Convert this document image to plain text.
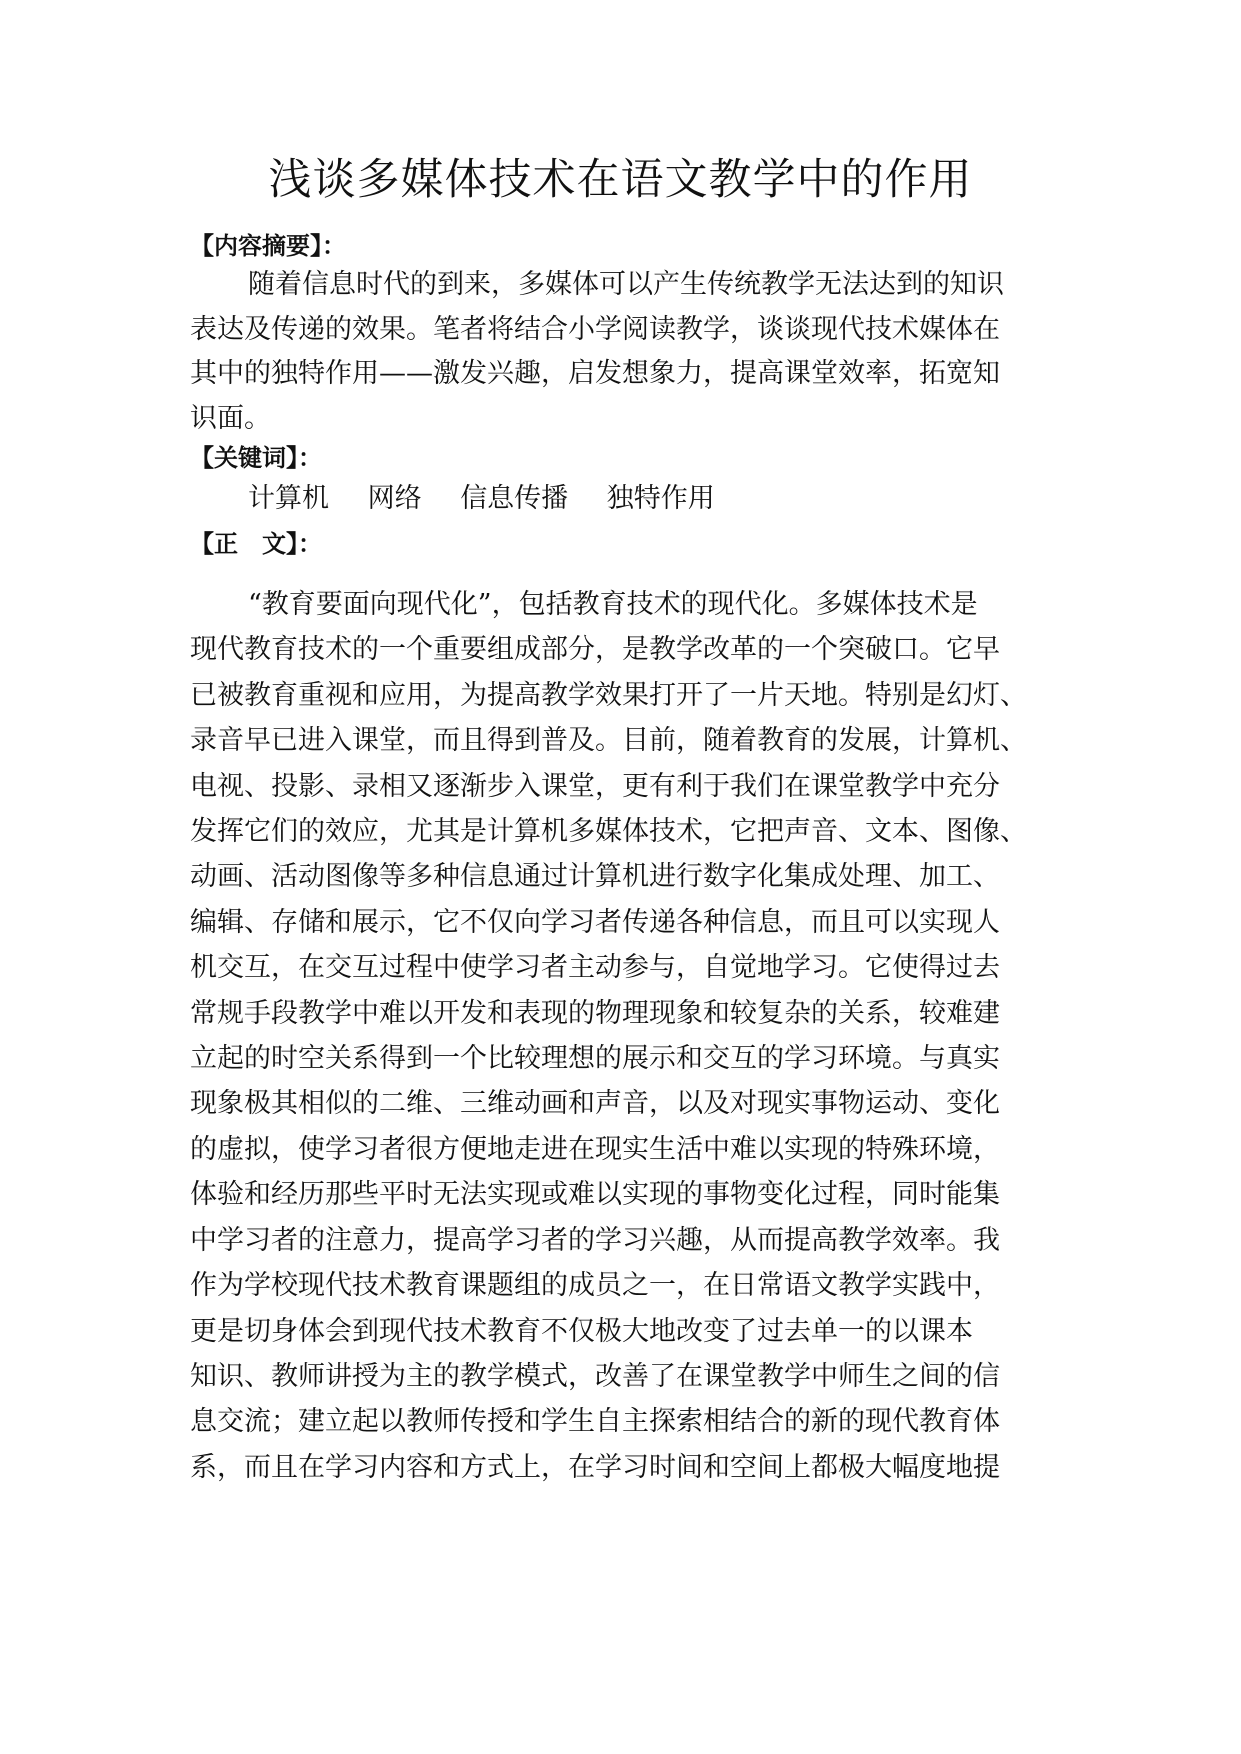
浅谈多媒体技术在语文教学中的作用
【内容摘要】：
随着信息时代的到来，多媒体可以产生传统教学无法达到的知识
表达及传递的效果。笔者将结合小学阅读教学，谈谈现代技术媒体在
其中的独特作用——激发兴趣，启发想象力，提高课堂效率，拓宽知
识面。
【关键词】：
计算机 网络 信息传播 独特作用
【正　文】：
“教育要面向现代化”，包括教育技术的现代化。多媒体技术是
现代教育技术的一个重要组成部分，是教学改革的一个突破口。它早
已被教育重视和应用，为提高教学效果打开了一片天地。特别是幻灯、
录音早已进入课堂，而且得到普及。目前，随着教育的发展，计算机、
电视、投影、录相又逐渐步入课堂，更有利于我们在课堂教学中充分
发挥它们的效应，尤其是计算机多媒体技术，它把声音、文本、图像、
动画、活动图像等多种信息通过计算机进行数字化集成处理、加工、
编辑、存储和展示，它不仅向学习者传递各种信息，而且可以实现人
机交互，在交互过程中使学习者主动参与，自觉地学习。它使得过去
常规手段教学中难以开发和表现的物理现象和较复杂的关系，较难建
立起的时空关系得到一个比较理想的展示和交互的学习环境。与真实
现象极其相似的二维、三维动画和声音，以及对现实事物运动、变化
的虚拟，使学习者很方便地走进在现实生活中难以实现的特殊环境，
体验和经历那些平时无法实现或难以实现的事物变化过程，同时能集
中学习者的注意力，提高学习者的学习兴趣，从而提高教学效率。我
作为学校现代技术教育课题组的成员之一，在日常语文教学实践中，
更是切身体会到现代技术教育不仅极大地改变了过去单一的以课本
知识、教师讲授为主的教学模式，改善了在课堂教学中师生之间的信
息交流；建立起以教师传授和学生自主探索相结合的新的现代教育体
系，而且在学习内容和方式上，在学习时间和空间上都极大幅度地提
